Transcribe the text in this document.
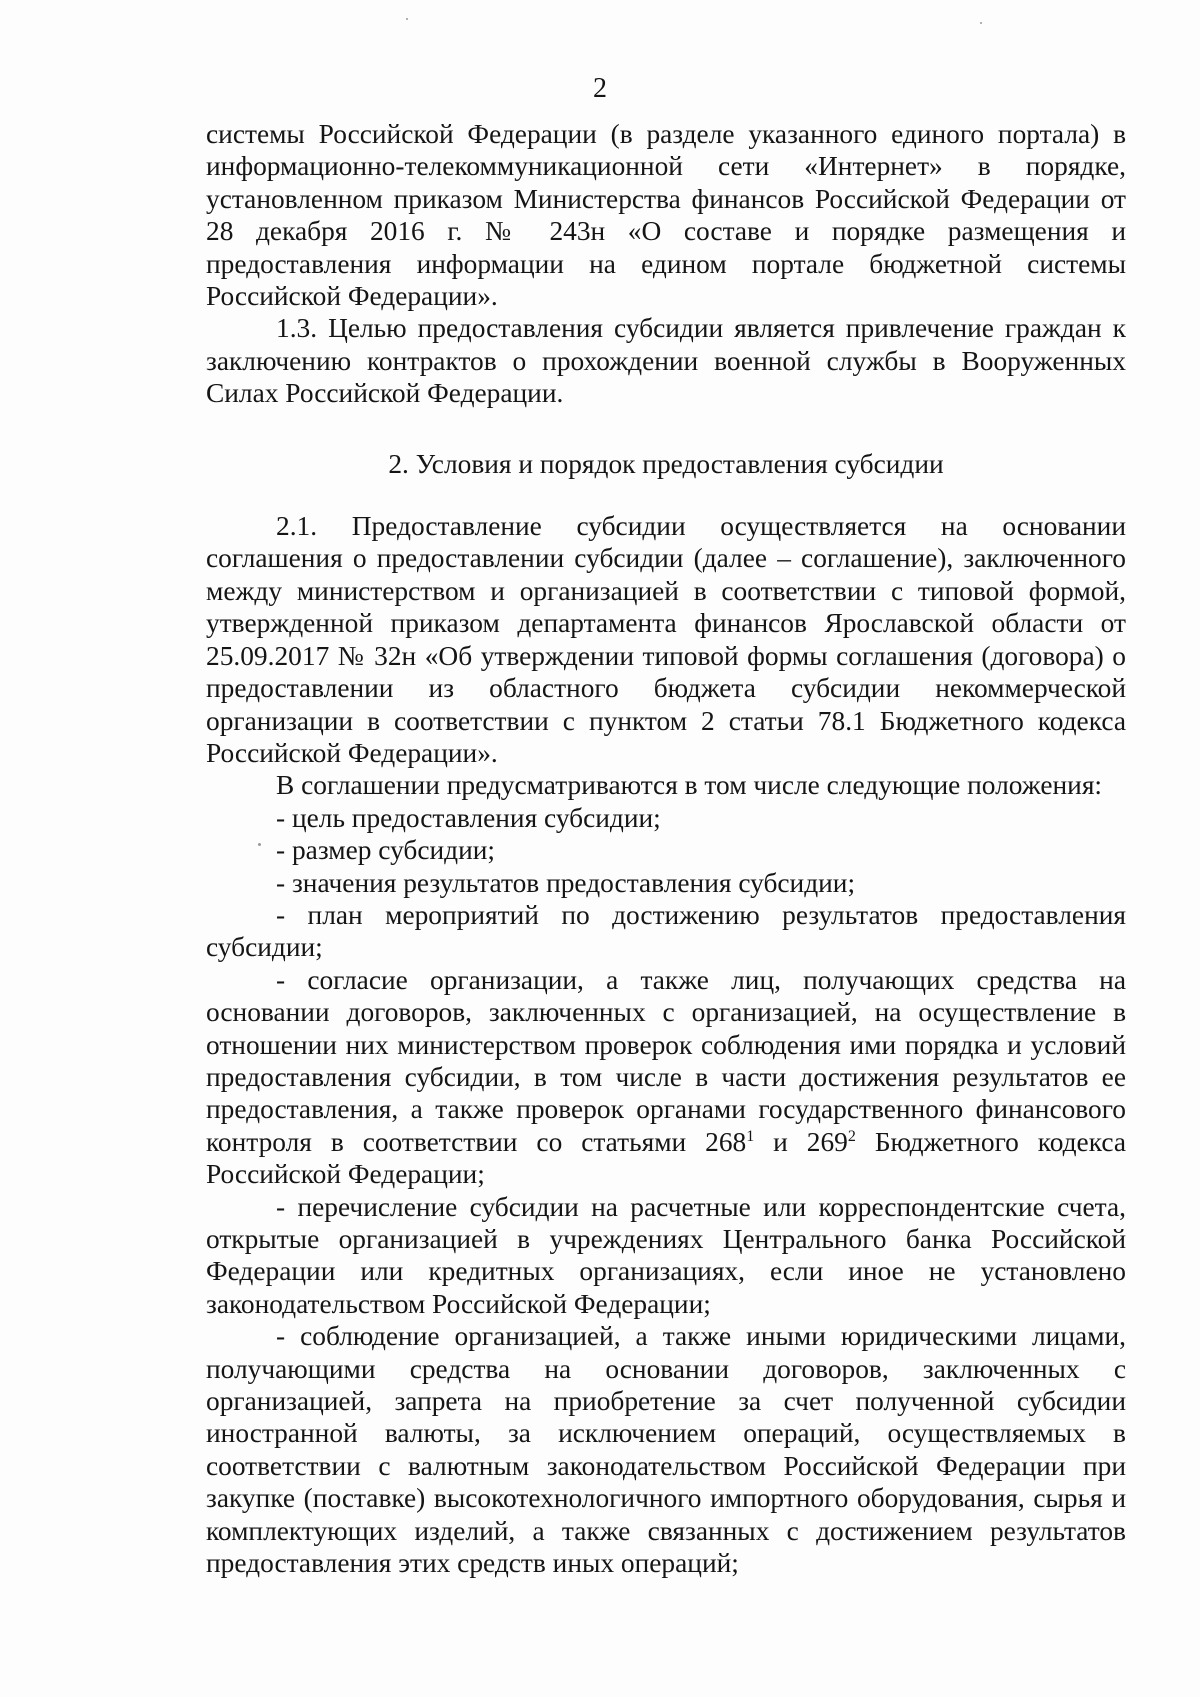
2

системы Российской Федерации (в разделе указанного единого портала) в информационно-телекоммуникационной сети «Интернет» в порядке, установленном приказом Министерства финансов Российской Федерации от 28 декабря 2016 г. № 243н «О составе и порядке размещения и предоставления информации на едином портале бюджетной системы Российской Федерации».

1.3. Целью предоставления субсидии является привлечение граждан к заключению контрактов о прохождении военной службы в Вооруженных Силах Российской Федерации.

2. Условия и порядок предоставления субсидии

2.1. Предоставление субсидии осуществляется на основании соглашения о предоставлении субсидии (далее – соглашение), заключенного между министерством и организацией в соответствии с типовой формой, утвержденной приказом департамента финансов Ярославской области от 25.09.2017 № 32н «Об утверждении типовой формы соглашения (договора) о предоставлении из областного бюджета субсидии некоммерческой организации в соответствии с пунктом 2 статьи 78.1 Бюджетного кодекса Российской Федерации».

В соглашении предусматриваются в том числе следующие положения:

- цель предоставления субсидии;

- размер субсидии;

- значения результатов предоставления субсидии;

- план мероприятий по достижению результатов предоставления субсидии;

- согласие организации, а также лиц, получающих средства на основании договоров, заключенных с организацией, на осуществление в отношении них министерством проверок соблюдения ими порядка и условий предоставления субсидии, в том числе в части достижения результатов ее предоставления, а также проверок органами государственного финансового контроля в соответствии со статьями $268^1$ и $269^2$ Бюджетного кодекса Российской Федерации;

- перечисление субсидии на расчетные или корреспондентские счета, открытые организацией в учреждениях Центрального банка Российской Федерации или кредитных организациях, если иное не установлено законодательством Российской Федерации;

- соблюдение организацией, а также иными юридическими лицами, получающими средства на основании договоров, заключенных с организацией, запрета на приобретение за счет полученной субсидии иностранной валюты, за исключением операций, осуществляемых в соответствии с валютным законодательством Российской Федерации при закупке (поставке) высокотехнологичного импортного оборудования, сырья и комплектующих изделий, а также связанных с достижением результатов предоставления этих средств иных операций;
